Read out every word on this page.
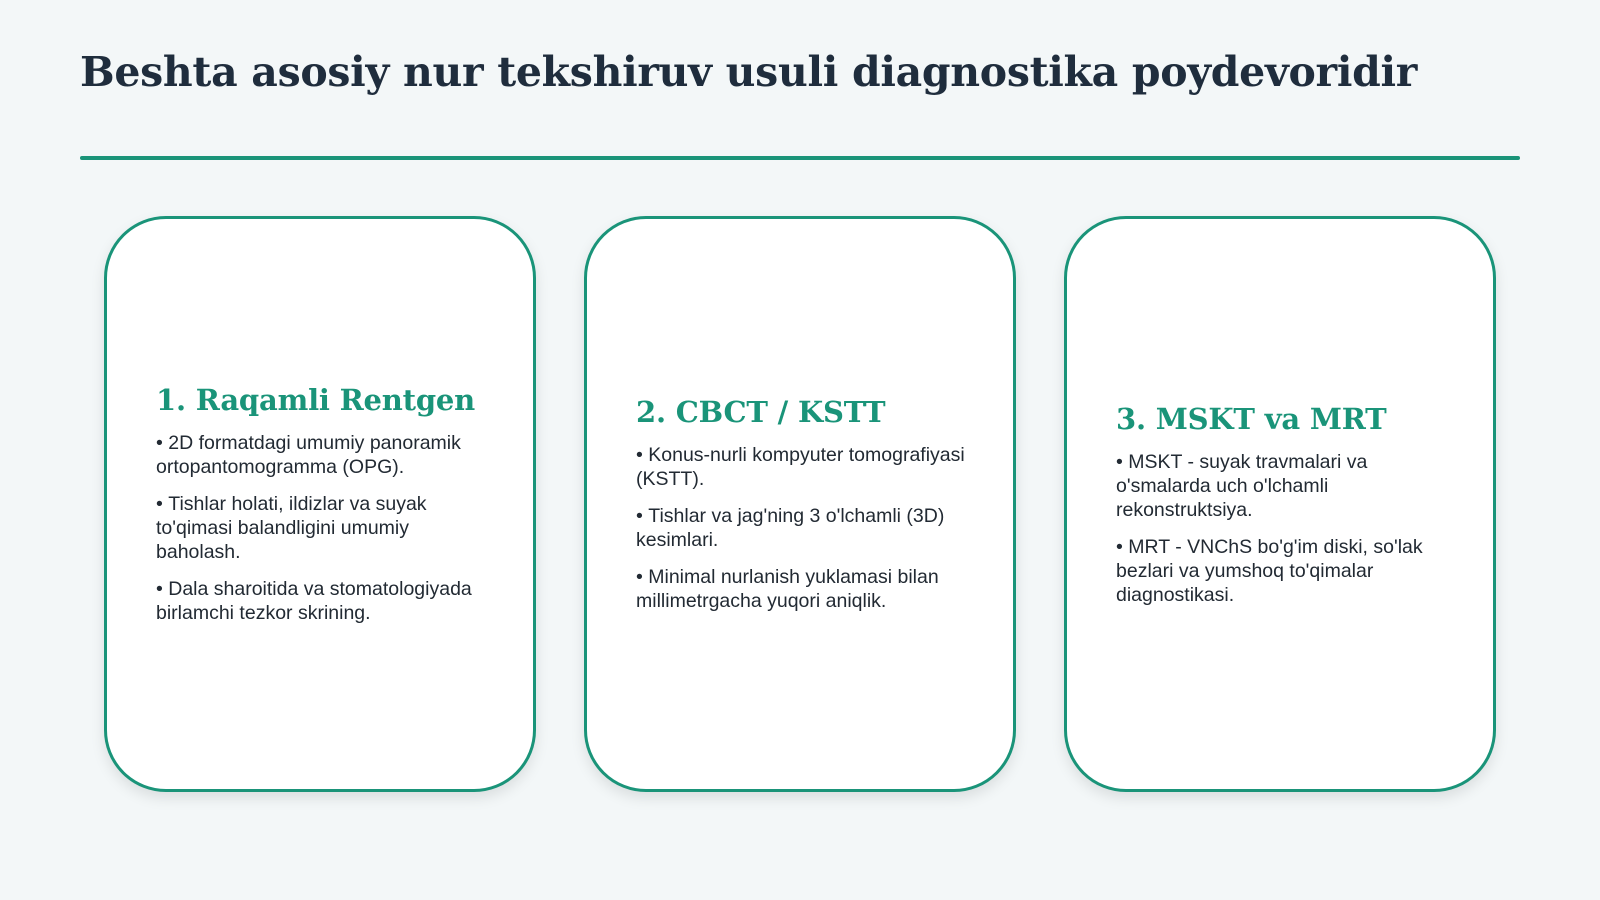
Beshta asosiy nur tekshiruv usuli diagnostika poydevoridir
1. Raqamli Rentgen
• 2D formatdagi umumiy panoramik ortopantomogramma (OPG).
• Tishlar holati, ildizlar va suyak to'qimasi balandligini umumiy baholash.
• Dala sharoitida va stomatologiyada birlamchi tezkor skrining.
2. CBCT / KSTT
• Konus-nurli kompyuter tomografiyasi (KSTT).
• Tishlar va jag'ning 3 o'lchamli (3D) kesimlari.
• Minimal nurlanish yuklamasi bilan millimetrgacha yuqori aniqlik.
3. MSKT va MRT
• MSKT - suyak travmalari va o'smalarda uch o'lchamli rekonstruktsiya.
• MRT - VNChS bo'g'im diski, so'lak bezlari va yumshoq to'qimalar diagnostikasi.
